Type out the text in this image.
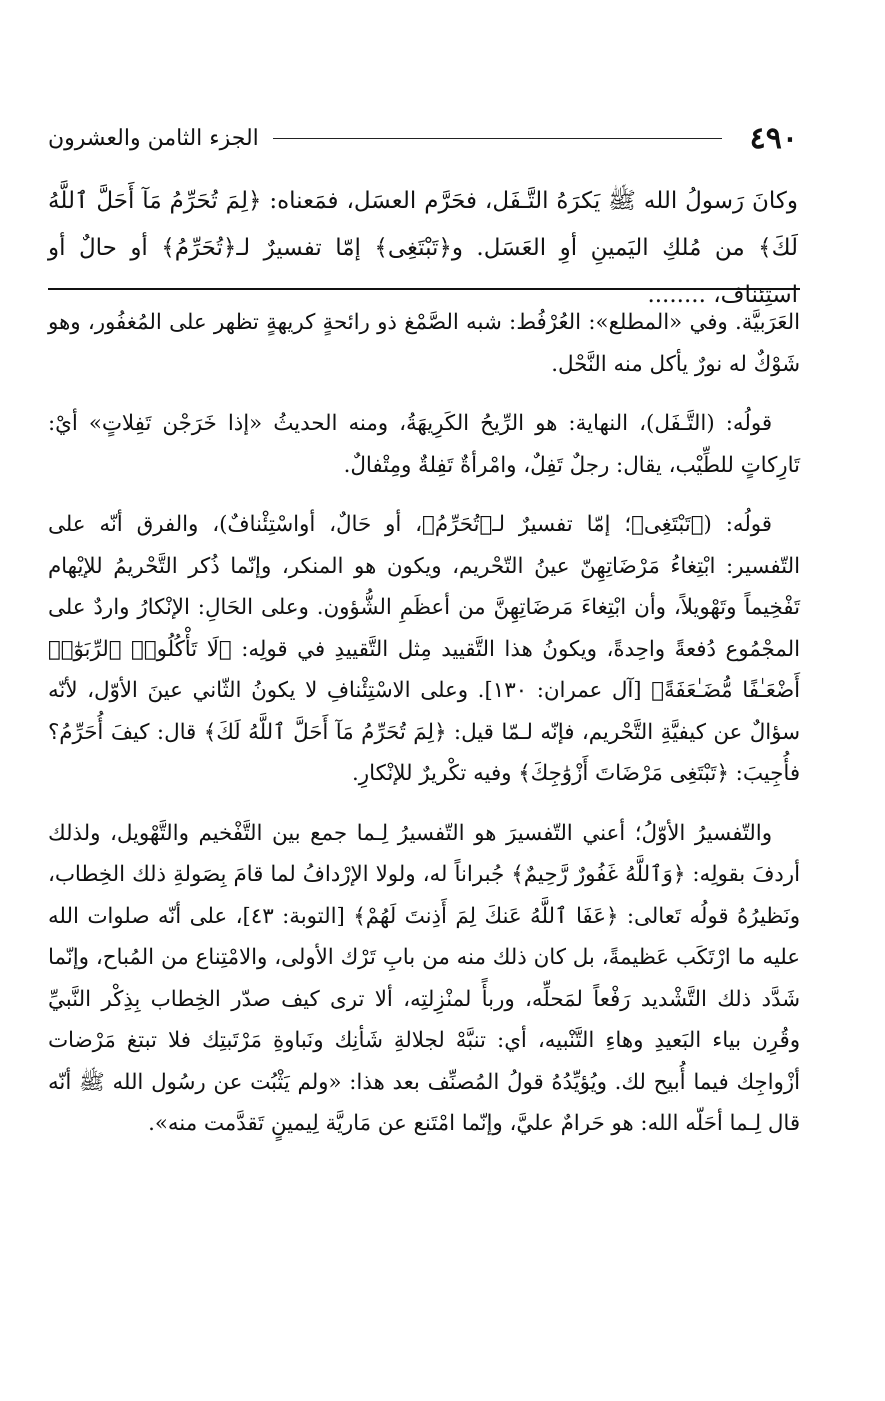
٤٩٠
الجزء الثامن والعشرون
وكانَ رَسولُ الله ﷺ يَكرَهُ التَّـفَل، فحَرَّم العسَل، فمَعناه: ﴿لِمَ تُحَرِّمُ مَآ أَحَلَّ ٱللَّهُ لَكَ﴾ من مُلكِ اليَمينِ أوِ العَسَل. و﴿تَبْتَغِى﴾ إمّا تفسيرٌ لـ﴿تُحَرِّمُ﴾ أو حالٌ أو استِئناف، ........

العَرَبيَّة. وفي «المطلع»: العُرْفُط: شبه الصَّمْغ ذو رائحةٍ كريهةٍ تظهر على المُغفُور، وهو شَوْكٌ له نورٌ يأكل منه النَّحْل.

قولُه: (التَّـفَل)، النهاية: هو الرِّيحُ الكَرِيهَةُ، ومنه الحديثُ «إذا خَرَجْن تَفِلاتٍ» أيْ: تَارِكاتٍ للطِّيْب، يقال: رجلٌ تَفِلٌ، وامْرأةٌ تَفِلةٌ ومِتْفالٌ.

قولُه: (﴿تَبْتَغِى﴾؛ إمّا تفسيرٌ لـ﴿تُحَرِّمُ﴾، أو حَالٌ، أواسْتِئْنافٌ)، والفرق أنّه على التّفسير: ابْتِغاءُ مَرْضَاتِهِنّ عينُ التّحْريم، ويكون هو المنكر، وإنّما ذُكر التَّحْريمُ للإيْهام تَفْخِيماً وتَهْويلاً، وأن ابْتِغاءَ مَرضَاتِهِنَّ من أعظَمِ الشُّؤون. وعلى الحَالِ: الإنْكارُ واردٌ على المجْمُوع دُفعةً واحِدةً، ويكونُ هذا التَّقييد مِثل التَّقييدِ في قولِه: ﴿لَا تَأْكُلُوا۟ ٱلرِّبَوٰٓا۟ أَضْعَـٰفًا مُّضَـٰعَفَةً﴾ [آل عمران: ١٣٠]. وعلى الاسْتِئْنافِ لا يكونُ الثّاني عينَ الأوّل، لأنّه سؤالٌ عن كيفيَّةِ التَّحْريم، فإنّه لـمّا قيل: ﴿لِمَ تُحَرِّمُ مَآ أَحَلَّ ٱللَّهُ لَكَ﴾ قال: كيفَ أُحَرِّمُ؟ فأُجِيبَ: ﴿تَبْتَغِى مَرْضَاتَ أَزْوَٰجِكَ﴾ وفيه تكْريرٌ للإنْكارِ.

والتّفسيرُ الأوّلُ؛ أعني التّفسيرَ هو التّفسيرُ لِـما جمع بين التَّفْخيم والتَّهْويل، ولذلك أردفَ بقولِه: ﴿وَٱللَّهُ غَفُورٌ رَّحِيمٌ﴾ جُبراناً له، ولولا الإرْدافُ لما قامَ بِصَولةِ ذلك الخِطاب، ونَظيرُهُ قولُه تَعالى: ﴿عَفَا ٱللَّهُ عَنكَ لِمَ أَذِنتَ لَهُمْ﴾ [التوبة: ٤٣]، على أنّه صلوات الله عليه ما ارْتَكَب عَظيمةً، بل كان ذلك منه من بابِ تَرْك الأولى، والامْتِناع من المُباح، وإنّما شَدَّد ذلك التَّشْديد رَفْعاً لمَحلِّه، وربأً لمنْزِلتِه، ألا ترى كيف صدّر الخِطاب بِذِكْر النَّبيِّ وقُرِن بياء البَعيدِ وهاءِ التَّنْبيه، أي: تنبَّهْ لجلالةِ شَأنِك ونَباوةِ مَرْتَبتِك فلا تبتغ مَرْضات أزْواجِك فيما أُبيح لك. ويُؤيِّدُهُ قولُ المُصنِّف بعد هذا: «ولم يَثْبُت عن رسُول الله ﷺ أنّه قال لِـما أحَلّه الله: هو حَرامٌ عليَّ، وإنّما امْتَنع عن مَاريَّة لِيمينٍ تَقدَّمت منه».
